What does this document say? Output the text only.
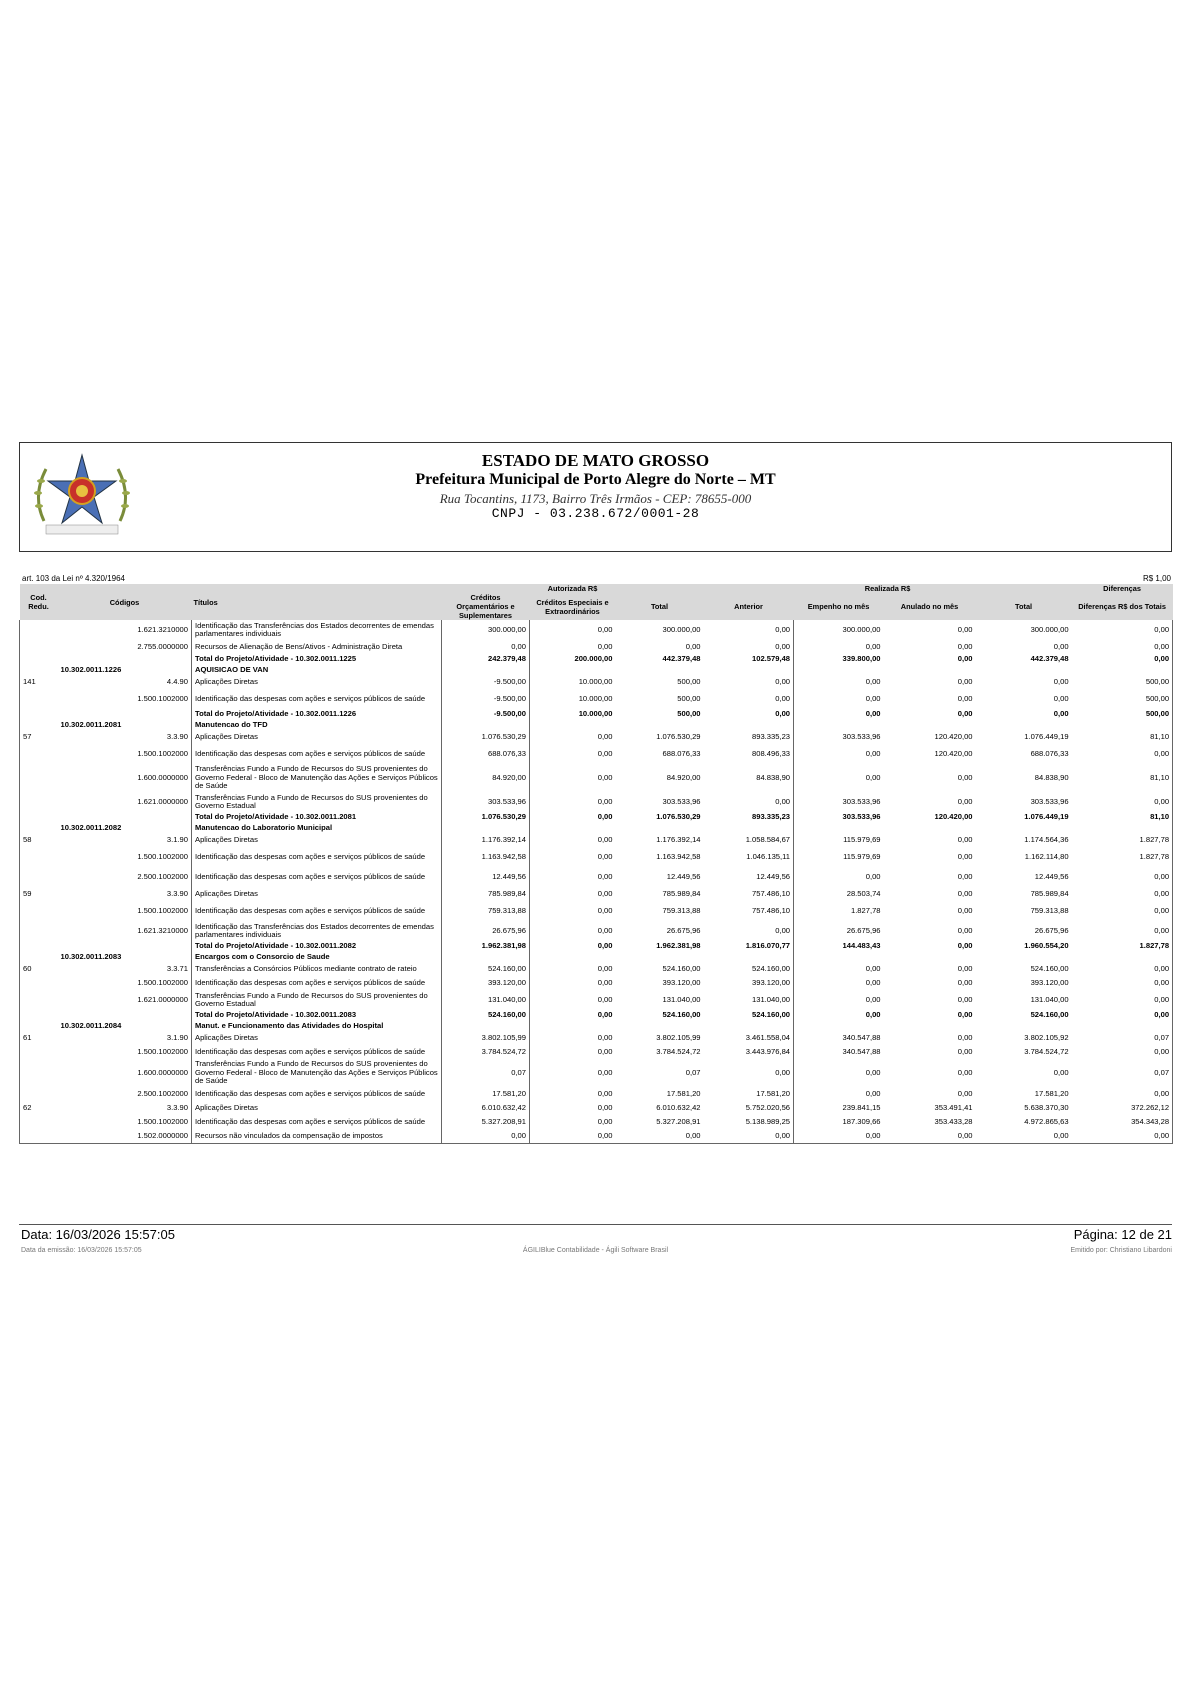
ESTADO DE MATO GROSSO
Prefeitura Municipal de Porto Alegre do Norte – MT
Rua Tocantins, 1173, Bairro Três Irmãos - CEP: 78655-000
CNPJ - 03.238.672/0001-28
art. 103 da Lei nº 4.320/1964	R$ 1,00
Cod. Redu.	Códigos	Títulos	Autorizada R$			Realizada R$				Diferenças
			Créditos Orçamentários e Suplementares	Créditos Especiais e Extraordinários	Total	Anterior	Empenho no mês	Anulado no mês	Total	Diferenças R$ dos Totais
	1.621.3210000	Identificação das Transferências dos Estados decorrentes de emendas parlamentares individuais	300.000,00	0,00	300.000,00	0,00	300.000,00	0,00	300.000,00	0,00
	2.755.0000000	Recursos de Alienação de Bens/Ativos - Administração Direta	0,00	0,00	0,00	0,00	0,00	0,00	0,00	0,00
		Total do Projeto/Atividade - 10.302.0011.1225	242.379,48	200.000,00	442.379,48	102.579,48	339.800,00	0,00	442.379,48	0,00
	10.302.0011.1226	AQUISICAO DE VAN								
141	4.4.90	Aplicações Diretas	-9.500,00	10.000,00	500,00	0,00	0,00	0,00	0,00	500,00
	1.500.1002000	Identificação das despesas com ações e serviços públicos de saúde	-9.500,00	10.000,00	500,00	0,00	0,00	0,00	0,00	500,00
		Total do Projeto/Atividade - 10.302.0011.1226	-9.500,00	10.000,00	500,00	0,00	0,00	0,00	0,00	500,00
	10.302.0011.2081	Manutencao do TFD								
57	3.3.90	Aplicações Diretas	1.076.530,29	0,00	1.076.530,29	893.335,23	303.533,96	120.420,00	1.076.449,19	81,10
	1.500.1002000	Identificação das despesas com ações e serviços públicos de saúde	688.076,33	0,00	688.076,33	808.496,33	0,00	120.420,00	688.076,33	0,00
	1.600.0000000	Transferências Fundo a Fundo de Recursos do SUS provenientes do Governo Federal - Bloco de Manutenção das Ações e Serviços Públicos de Saúde	84.920,00	0,00	84.920,00	84.838,90	0,00	0,00	84.838,90	81,10
	1.621.0000000	Transferências Fundo a Fundo de Recursos do SUS provenientes do Governo Estadual	303.533,96	0,00	303.533,96	0,00	303.533,96	0,00	303.533,96	0,00
		Total do Projeto/Atividade - 10.302.0011.2081	1.076.530,29	0,00	1.076.530,29	893.335,23	303.533,96	120.420,00	1.076.449,19	81,10
	10.302.0011.2082	Manutencao do Laboratorio Municipal								
58	3.1.90	Aplicações Diretas	1.176.392,14	0,00	1.176.392,14	1.058.584,67	115.979,69	0,00	1.174.564,36	1.827,78
	1.500.1002000	Identificação das despesas com ações e serviços públicos de saúde	1.163.942,58	0,00	1.163.942,58	1.046.135,11	115.979,69	0,00	1.162.114,80	1.827,78
	2.500.1002000	Identificação das despesas com ações e serviços públicos de saúde	12.449,56	0,00	12.449,56	12.449,56	0,00	0,00	12.449,56	0,00
59	3.3.90	Aplicações Diretas	785.989,84	0,00	785.989,84	757.486,10	28.503,74	0,00	785.989,84	0,00
	1.500.1002000	Identificação das despesas com ações e serviços públicos de saúde	759.313,88	0,00	759.313,88	757.486,10	1.827,78	0,00	759.313,88	0,00
	1.621.3210000	Identificação das Transferências dos Estados decorrentes de emendas parlamentares individuais	26.675,96	0,00	26.675,96	0,00	26.675,96	0,00	26.675,96	0,00
		Total do Projeto/Atividade - 10.302.0011.2082	1.962.381,98	0,00	1.962.381,98	1.816.070,77	144.483,43	0,00	1.960.554,20	1.827,78
	10.302.0011.2083	Encargos com o Consorcio de Saude								
60	3.3.71	Transferências a Consórcios Públicos mediante contrato de rateio	524.160,00	0,00	524.160,00	524.160,00	0,00	0,00	524.160,00	0,00
	1.500.1002000	Identificação das despesas com ações e serviços públicos de saúde	393.120,00	0,00	393.120,00	393.120,00	0,00	0,00	393.120,00	0,00
	1.621.0000000	Transferências Fundo a Fundo de Recursos do SUS provenientes do Governo Estadual	131.040,00	0,00	131.040,00	131.040,00	0,00	0,00	131.040,00	0,00
		Total do Projeto/Atividade - 10.302.0011.2083	524.160,00	0,00	524.160,00	524.160,00	0,00	0,00	524.160,00	0,00
	10.302.0011.2084	Manut. e Funcionamento das Atividades do Hospital								
61	3.1.90	Aplicações Diretas	3.802.105,99	0,00	3.802.105,99	3.461.558,04	340.547,88	0,00	3.802.105,92	0,07
	1.500.1002000	Identificação das despesas com ações e serviços públicos de saúde	3.784.524,72	0,00	3.784.524,72	3.443.976,84	340.547,88	0,00	3.784.524,72	0,00
	1.600.0000000	Transferências Fundo a Fundo de Recursos do SUS provenientes do Governo Federal - Bloco de Manutenção das Ações e Serviços Públicos de Saúde	0,07	0,00	0,07	0,00	0,00	0,00	0,00	0,07
	2.500.1002000	Identificação das despesas com ações e serviços públicos de saúde	17.581,20	0,00	17.581,20	17.581,20	0,00	0,00	17.581,20	0,00
62	3.3.90	Aplicações Diretas	6.010.632,42	0,00	6.010.632,42	5.752.020,56	239.841,15	353.491,41	5.638.370,30	372.262,12
	1.500.1002000	Identificação das despesas com ações e serviços públicos de saúde	5.327.208,91	0,00	5.327.208,91	5.138.989,25	187.309,66	353.433,28	4.972.865,63	354.343,28
	1.502.0000000	Recursos não vinculados da compensação de impostos	0,00	0,00	0,00	0,00	0,00	0,00	0,00	0,00
Data: 16/03/2026 15:57:05	Página: 12 de 21
Data da emissão: 16/03/2026 15:57:05	ÁGILIBlue Contabilidade - Ágili Software Brasil	Emitido por: Christiano Libardoni
